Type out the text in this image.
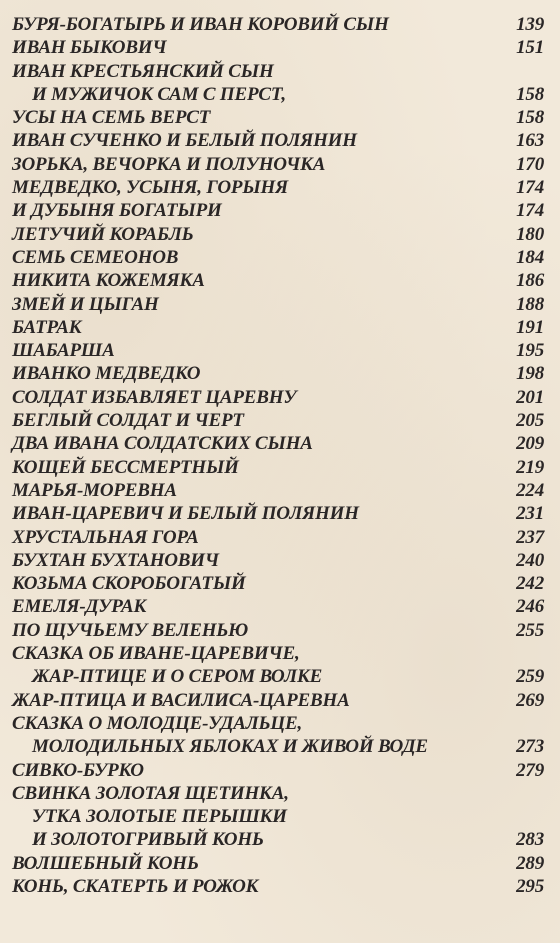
БУРЯ-БОГАТЫРЬ И ИВАН КОРОВИЙ СЫН	139
ИВАН БЫКОВИЧ	151
ИВАН КРЕСТЬЯНСКИЙ СЫН
И МУЖИЧОК САМ С ПЕРСТ,	158
УСЫ НА СЕМЬ ВЕРСТ	158
ИВАН СУЧЕНКО И БЕЛЫЙ ПОЛЯНИН	163
ЗОРЬКА, ВЕЧОРКА И ПОЛУНОЧКА	170
МЕДВЕДКО, УСЫНЯ, ГОРЫНЯ	174
И ДУБЫНЯ БОГАТЫРИ	174
ЛЕТУЧИЙ КОРАБЛЬ	180
СЕМЬ СЕМЕОНОВ	184
НИКИТА КОЖЕМЯКА	186
ЗМЕЙ И ЦЫГАН	188
БАТРАК	191
ШАБАРША	195
ИВАНКО МЕДВЕДКО	198
СОЛДАТ ИЗБАВЛЯЕТ ЦАРЕВНУ	201
БЕГЛЫЙ СОЛДАТ И ЧЕРТ	205
ДВА ИВАНА СОЛДАТСКИХ СЫНА	209
КОЩЕЙ БЕССМЕРТНЫЙ	219
МАРЬЯ-МОРЕВНА	224
ИВАН-ЦАРЕВИЧ И БЕЛЫЙ ПОЛЯНИН	231
ХРУСТАЛЬНАЯ ГОРА	237
БУХТАН БУХТАНОВИЧ	240
КОЗЬМА СКОРОБОГАТЫЙ	242
ЕМЕЛЯ-ДУРАК	246
ПО ЩУЧЬЕМУ ВЕЛЕНЬЮ	255
СКАЗКА ОБ ИВАНЕ-ЦАРЕВИЧЕ,
ЖАР-ПТИЦЕ И О СЕРОМ ВОЛКЕ	259
ЖАР-ПТИЦА И ВАСИЛИСА-ЦАРЕВНА	269
СКАЗКА О МОЛОДЦЕ-УДАЛЬЦЕ,
МОЛОДИЛЬНЫХ ЯБЛОКАХ И ЖИВОЙ ВОДЕ	273
СИВКО-БУРКО	279
СВИНКА ЗОЛОТАЯ ЩЕТИНКА,
УТКА ЗОЛОТЫЕ ПЕРЫШКИ
И ЗОЛОТОГРИВЫЙ КОНЬ	283
ВОЛШЕБНЫЙ КОНЬ	289
КОНЬ, СКАТЕРТЬ И РОЖОК	295
